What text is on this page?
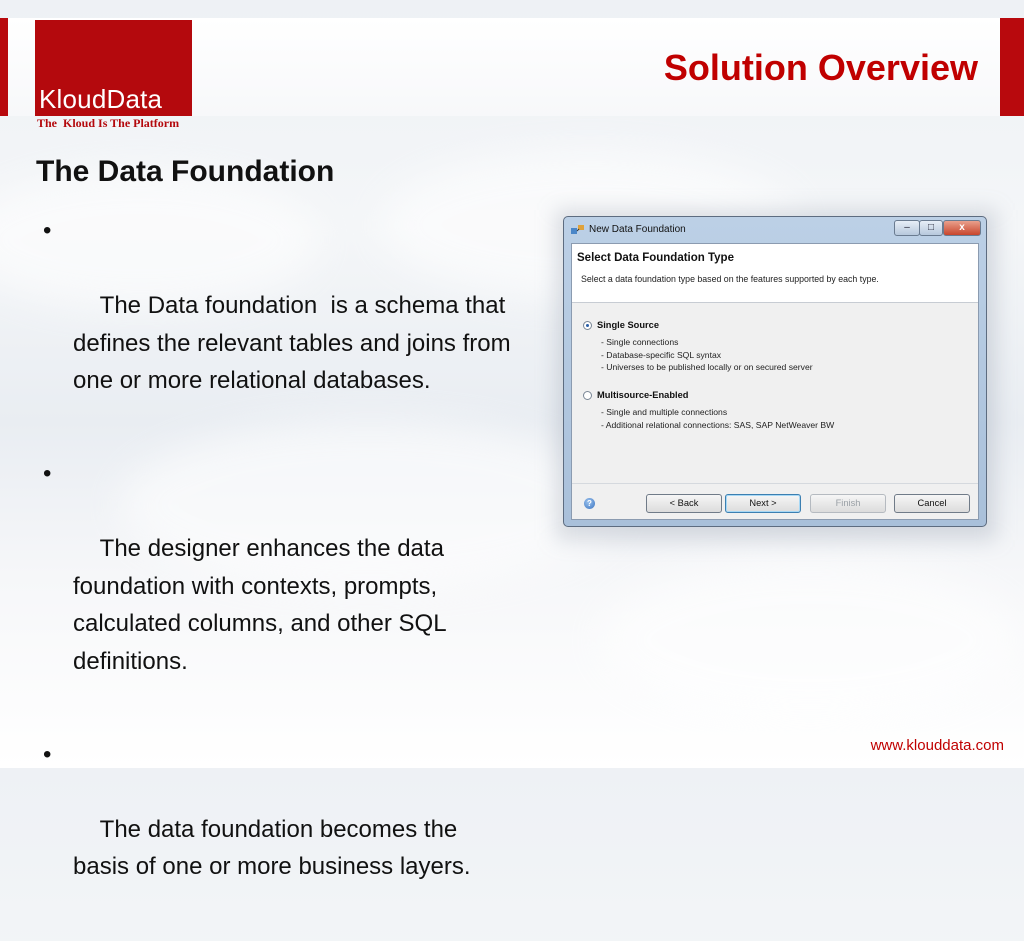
KloudData
The  Kloud Is The Platform
Solution Overview
The Data Foundation

•

The Data foundation  is a schema that defines the relevant tables and joins from one or more relational databases.

•

The designer enhances the data foundation with contexts, prompts, calculated columns, and other SQL definitions.

•

The data foundation becomes the basis of one or more business layers.

New Data Foundation	–	□	x
Select Data Foundation Type
Select a data foundation type based on the features supported by each type.
Single Source
- Single connections
- Database-specific SQL syntax
- Universes to be published locally or on secured server
Multisource-Enabled
- Single and multiple connections
- Additional relational connections: SAS, SAP NetWeaver BW
?	< Back	Next >	Finish	Cancel
www.klouddata.com
